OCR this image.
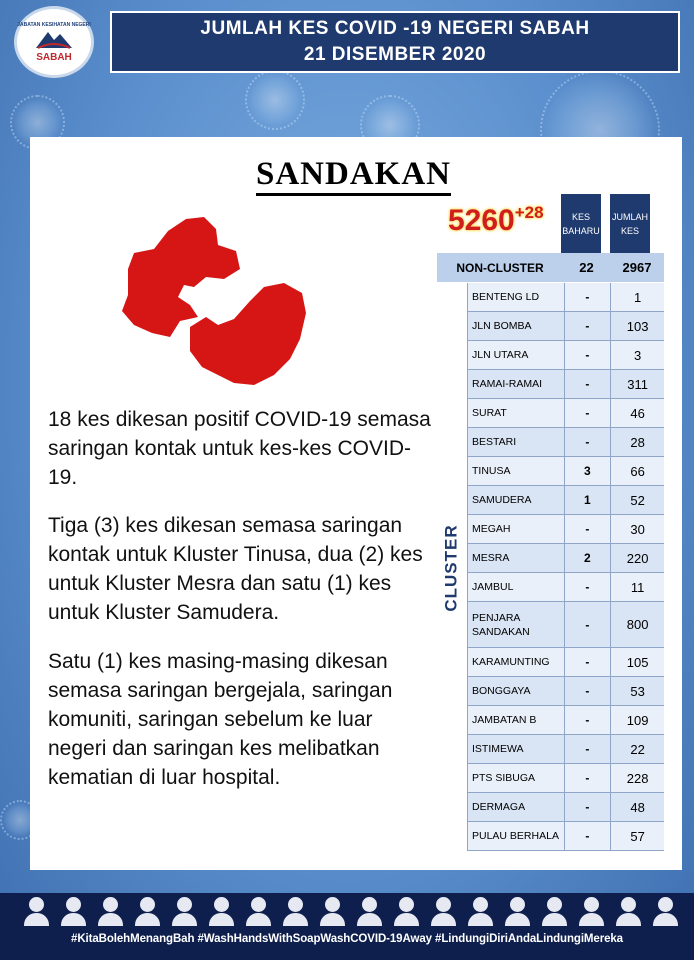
JABATAN KESIHATAN NEGERI
SABAH
JUMLAH KES COVID -19 NEGERI SABAH
21 DISEMBER 2020
SANDAKAN
$5260^{+28}$	KES BAHARU
JUMLAH KES
NON-CLUSTER	22	2967
CLUSTER
BENTENG LD	-	1
JLN BOMBA	-	103
JLN UTARA	-	3
RAMAI-RAMAI	-	311
SURAT	-	46
BESTARI	-	28
TINUSA	3	66
SAMUDERA	1	52
MEGAH	-	30
MESRA	2	220
JAMBUL	-	11
PENJARA SANDAKAN	-	800
KARAMUNTING	-	105
BONGGAYA	-	53
JAMBATAN B	-	109
ISTIMEWA	-	22
PTS SIBUGA	-	228
DERMAGA	-	48
PULAU BERHALA	-	57
18 kes dikesan positif COVID-19 semasa saringan kontak untuk kes-kes COVID-19.
Tiga (3) kes dikesan semasa saringan kontak untuk Kluster Tinusa, dua (2) kes untuk Kluster Mesra dan satu (1) kes untuk Kluster Samudera.
Satu (1) kes masing-masing dikesan semasa saringan bergejala, saringan komuniti, saringan sebelum ke luar negeri dan saringan kes melibatkan kematian di luar hospital.
#KitaBolehMenangBah #WashHandsWithSoapWashCOVID-19Away #LindungiDiriAndaLindungiMereka
